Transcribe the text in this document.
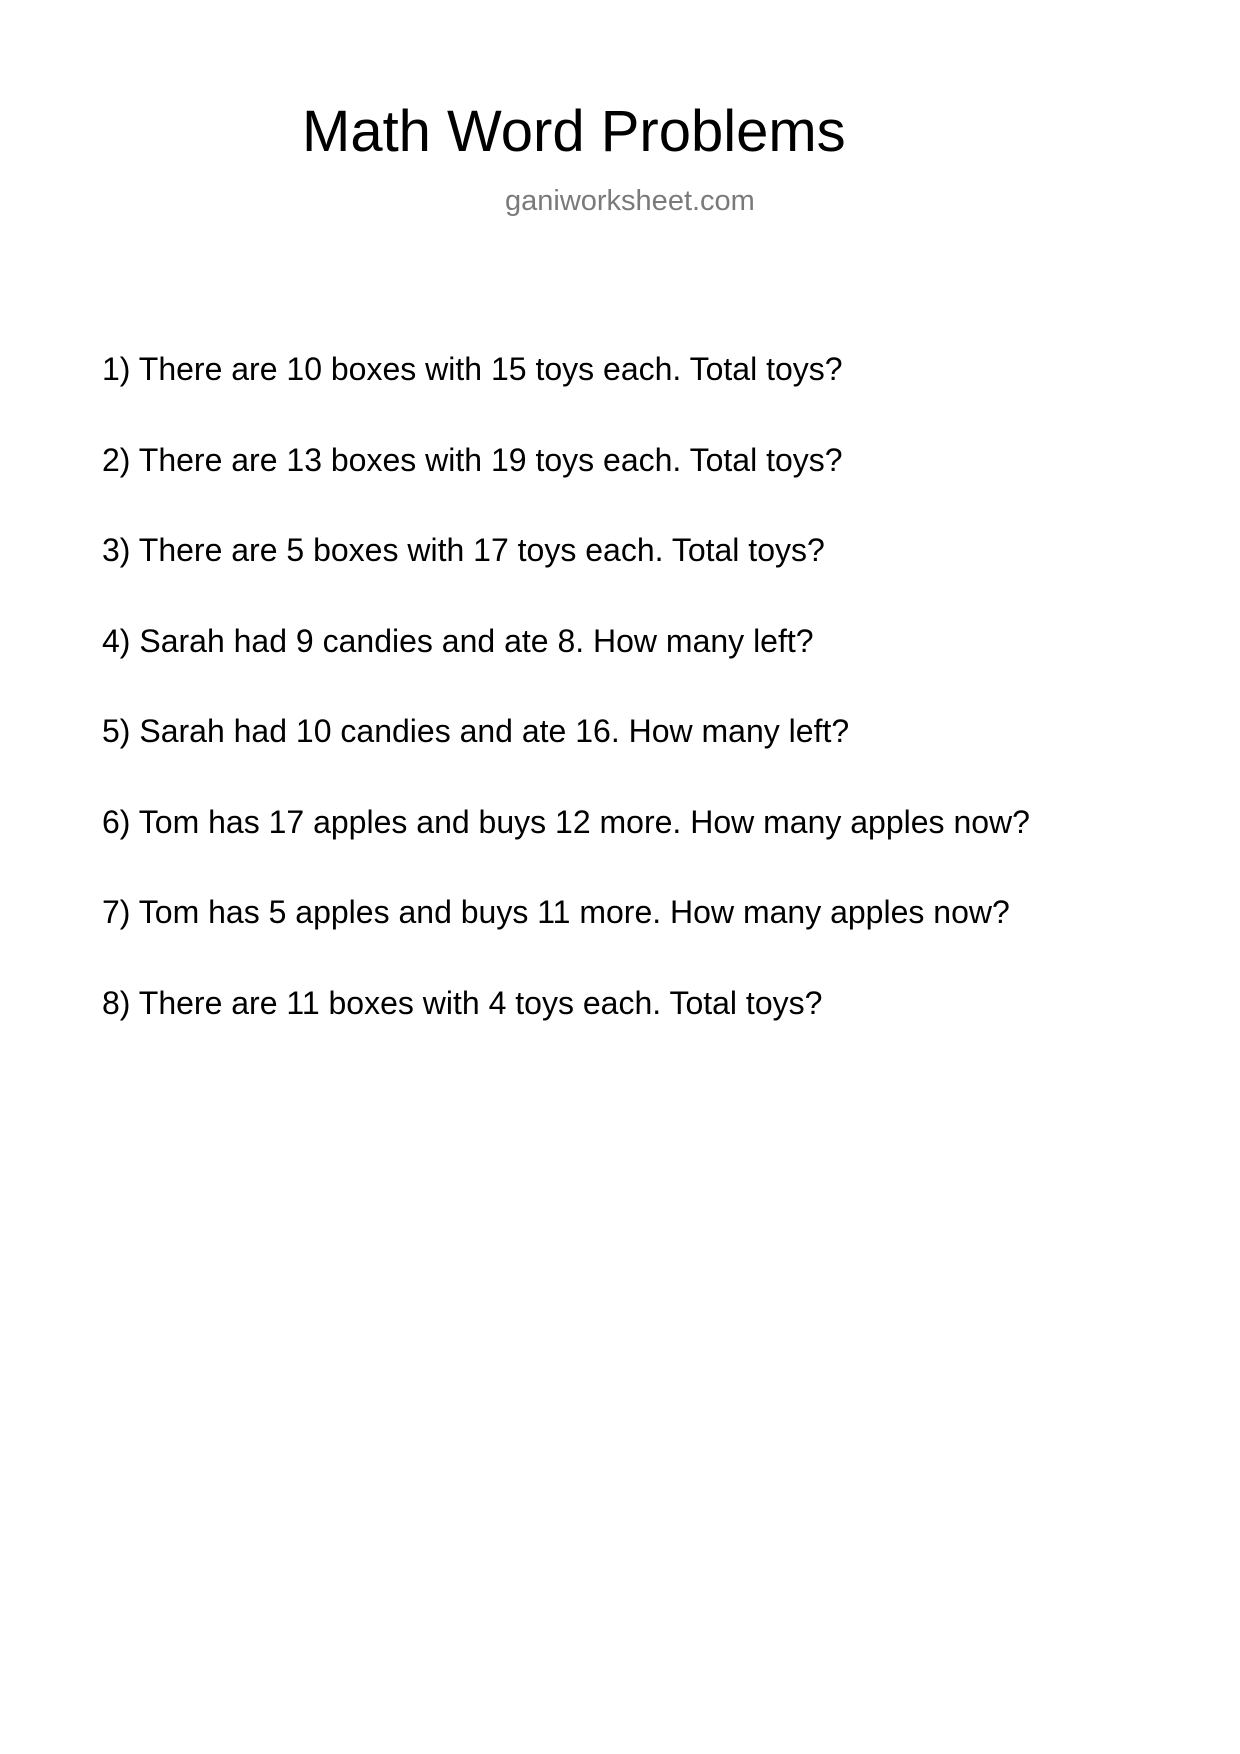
Math Word Problems
ganiworksheet.com
1) There are 10 boxes with 15 toys each. Total toys?
2) There are 13 boxes with 19 toys each. Total toys?
3) There are 5 boxes with 17 toys each. Total toys?
4) Sarah had 9 candies and ate 8. How many left?
5) Sarah had 10 candies and ate 16. How many left?
6) Tom has 17 apples and buys 12 more. How many apples now?
7) Tom has 5 apples and buys 11 more. How many apples now?
8) There are 11 boxes with 4 toys each. Total toys?
